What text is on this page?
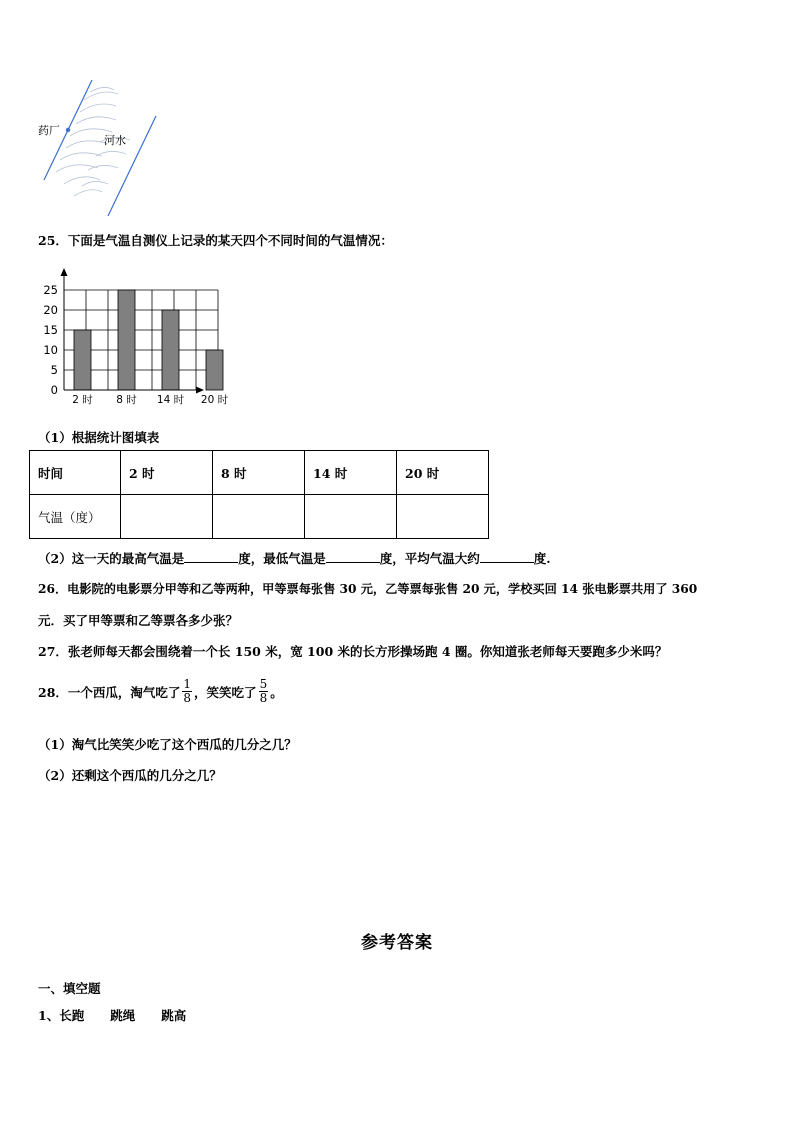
药厂
河水
25．下面是气温自测仪上记录的某天四个不同时间的气温情况：
0
5
10
15
20
25
2 时 8 时 14 时 20 时
（1）根据统计图填表
时间	2 时	8 时	14 时	20 时
气温（度）				
（2）这一天的最高气温是	度，最低气温是	度，平均气温大约	度.
26．电影院的电影票分甲等和乙等两种，甲等票每张售 30 元，乙等票每张售 20 元，学校买回 14 张电影票共用了 360
元．买了甲等票和乙等票各多少张？
27．张老师每天都会围绕着一个长 150 米，宽 100 米的长方形操场跑 4 圈。你知道张老师每天要跑多少米吗？
28．一个西瓜，淘气吃了 $\frac{1}{8}$ ，笑笑吃了 $\frac{5}{8}$ 。
（1）淘气比笑笑少吃了这个西瓜的几分之几？
（2）还剩这个西瓜的几分之几？
参考答案
一、填空题
1、长跑 跳绳 跳高
